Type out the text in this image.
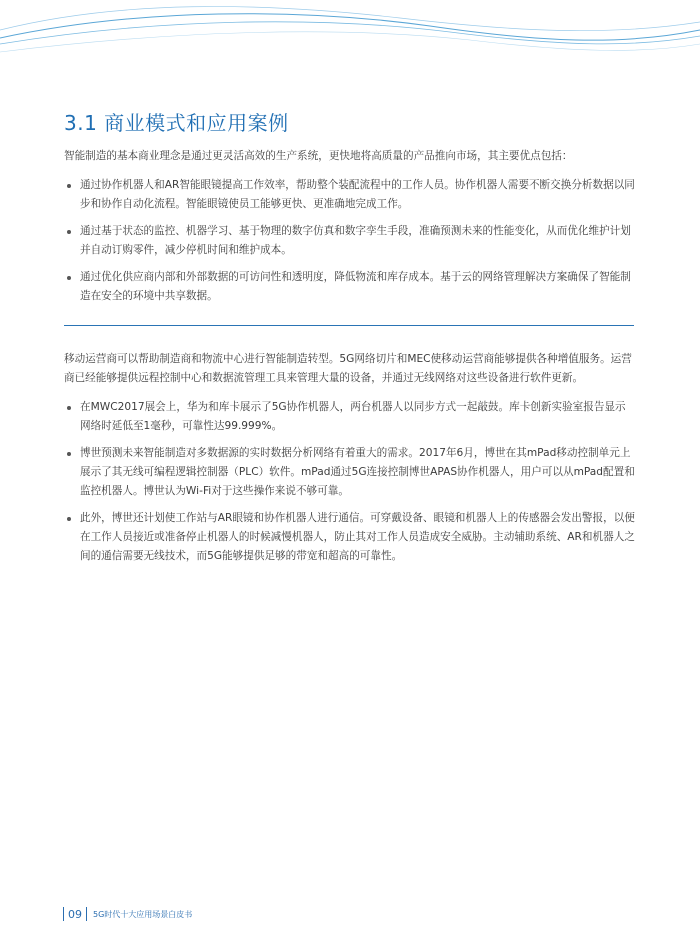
3.1 商业模式和应用案例

智能制造的基本商业理念是通过更灵活高效的生产系统，更快地将高质量的产品推向市场，其主要优点包括：

通过协作机器人和AR智能眼镜提高工作效率，帮助整个装配流程中的工作人员。协作机器人需要不断交换分析数据以同步和协作自动化流程。智能眼镜使员工能够更快、更准确地完成工作。
通过基于状态的监控、机器学习、基于物理的数字仿真和数字孪生手段，准确预测未来的性能变化，从而优化维护计划并自动订购零件，减少停机时间和维护成本。
通过优化供应商内部和外部数据的可访问性和透明度，降低物流和库存成本。基于云的网络管理解决方案确保了智能制造在安全的环境中共享数据。

移动运营商可以帮助制造商和物流中心进行智能制造转型。5G网络切片和MEC使移动运营商能够提供各种增值服务。运营商已经能够提供远程控制中心和数据流管理工具来管理大量的设备，并通过无线网络对这些设备进行软件更新。

在MWC2017展会上，华为和库卡展示了5G协作机器人，两台机器人以同步方式一起敲鼓。库卡创新实验室报告显示网络时延低至1毫秒，可靠性达99.999%。
博世预测未来智能制造对多数据源的实时数据分析网络有着重大的需求。2017年6月，博世在其mPad移动控制单元上展示了其无线可编程逻辑控制器（PLC）软件。mPad通过5G连接控制博世APAS协作机器人，用户可以从mPad配置和监控机器人。博世认为Wi-Fi对于这些操作来说不够可靠。
此外，博世还计划使工作站与AR眼镜和协作机器人进行通信。可穿戴设备、眼镜和机器人上的传感器会发出警报，以便在工作人员接近或准备停止机器人的时候减慢机器人，防止其对工作人员造成安全威胁。主动辅助系统、AR和机器人之间的通信需要无线技术，而5G能够提供足够的带宽和超高的可靠性。
09	5G时代十大应用场景白皮书
